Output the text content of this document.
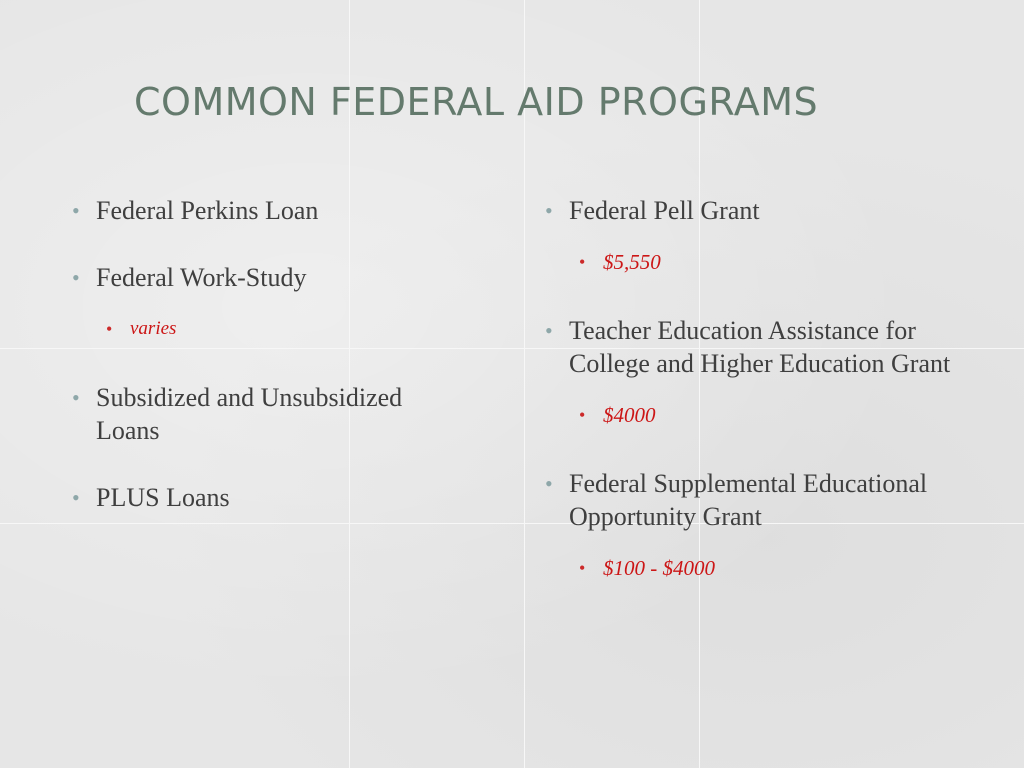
COMMON FEDERAL AID PROGRAMS
• Federal Perkins Loan
• Federal Work-Study
• varies
• Subsidized and Unsubsidized Loans
• PLUS Loans
• Federal Pell Grant
• $5,550
• Teacher Education Assistance for College and Higher Education Grant
• $4000
• Federal Supplemental Educational Opportunity Grant
• $100 - $4000
